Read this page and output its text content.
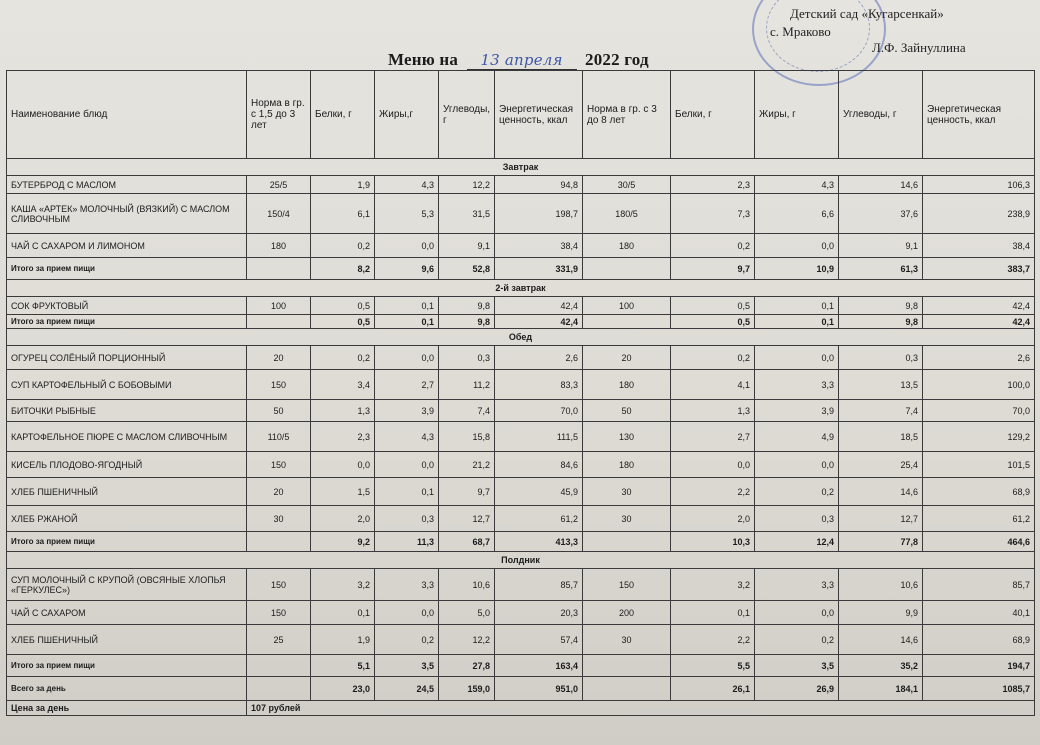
Детский сад «Кугарсенкай»
с. Мраково
Л.Ф. Зайнуллина
Меню на 13 апреля 2022 год
Наименование блюд	Норма в гр. с 1,5 до 3 лет	Белки, г	Жиры,г	Углеводы, г	Энергетическая ценность, ккал	Норма в гр. с 3 до 8 лет	Белки, г	Жиры, г	Углеводы, г	Энергетическая ценность, ккал
Завтрак										
БУТЕРБРОД С МАСЛОМ	25/5	1,9	4,3	12,2	94,8	30/5	2,3	4,3	14,6	106,3
КАША «АРТЕК» МОЛОЧНЫЙ (ВЯЗКИЙ) С МАСЛОМ СЛИВОЧНЫМ	150/4	6,1	5,3	31,5	198,7	180/5	7,3	6,6	37,6	238,9
ЧАЙ С САХАРОМ И ЛИМОНОМ	180	0,2	0,0	9,1	38,4	180	0,2	0,0	9,1	38,4
Итого за прием пищи		8,2	9,6	52,8	331,9		9,7	10,9	61,3	383,7
2-й завтрак										
СОК ФРУКТОВЫЙ	100	0,5	0,1	9,8	42,4	100	0,5	0,1	9,8	42,4
Итого за прием пищи		0,5	0,1	9,8	42,4		0,5	0,1	9,8	42,4
Обед										
ОГУРЕЦ СОЛЁНЫЙ ПОРЦИОННЫЙ	20	0,2	0,0	0,3	2,6	20	0,2	0,0	0,3	2,6
СУП КАРТОФЕЛЬНЫЙ С БОБОВЫМИ	150	3,4	2,7	11,2	83,3	180	4,1	3,3	13,5	100,0
БИТОЧКИ РЫБНЫЕ	50	1,3	3,9	7,4	70,0	50	1,3	3,9	7,4	70,0
КАРТОФЕЛЬНОЕ ПЮРЕ С МАСЛОМ СЛИВОЧНЫМ	110/5	2,3	4,3	15,8	111,5	130	2,7	4,9	18,5	129,2
КИСЕЛЬ ПЛОДОВО-ЯГОДНЫЙ	150	0,0	0,0	21,2	84,6	180	0,0	0,0	25,4	101,5
ХЛЕБ ПШЕНИЧНЫЙ	20	1,5	0,1	9,7	45,9	30	2,2	0,2	14,6	68,9
ХЛЕБ РЖАНОЙ	30	2,0	0,3	12,7	61,2	30	2,0	0,3	12,7	61,2
Итого за прием пищи		9,2	11,3	68,7	413,3		10,3	12,4	77,8	464,6
Полдник										
СУП МОЛОЧНЫЙ С КРУПОЙ (ОВСЯНЫЕ ХЛОПЬЯ «ГЕРКУЛЕС»)	150	3,2	3,3	10,6	85,7	150	3,2	3,3	10,6	85,7
ЧАЙ С САХАРОМ	150	0,1	0,0	5,0	20,3	200	0,1	0,0	9,9	40,1
ХЛЕБ ПШЕНИЧНЫЙ	25	1,9	0,2	12,2	57,4	30	2,2	0,2	14,6	68,9
Итого за прием пищи		5,1	3,5	27,8	163,4		5,5	3,5	35,2	194,7
Всего за день		23,0	24,5	159,0	951,0		26,1	26,9	184,1	1085,7
Цена за день	107 рублей									
